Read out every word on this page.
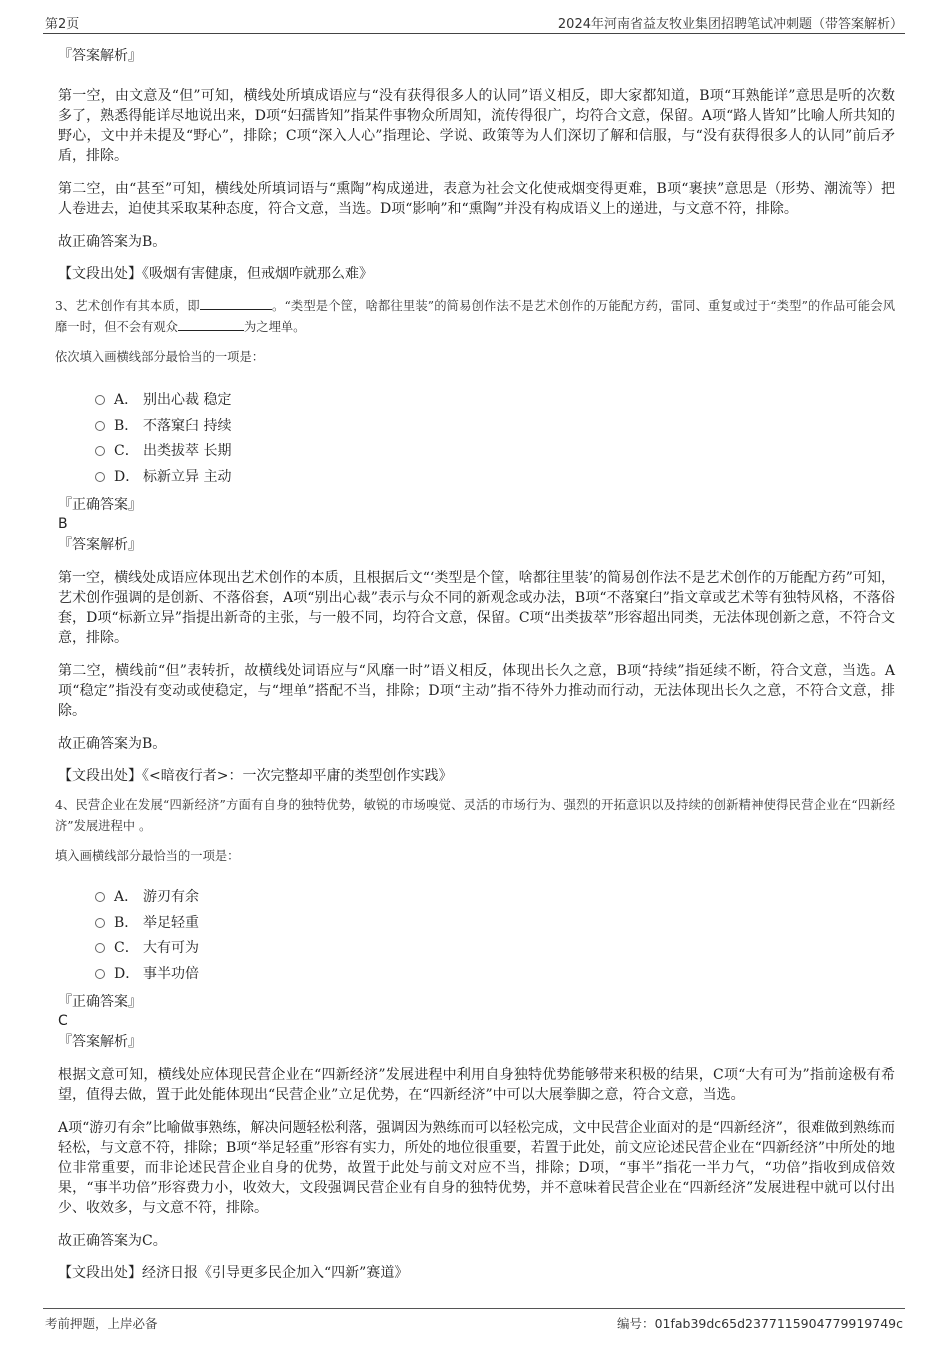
第2页	2024年河南省益友牧业集团招聘笔试冲刺题（带答案解析）
『答案解析』
第一空，由文意及“但”可知，横线处所填成语应与“没有获得很多人的认同”语义相反，即大家都知道，B项“耳熟能详”意思是听的次数多了，熟悉得能详尽地说出来，D项“妇孺皆知”指某件事物众所周知，流传得很广，均符合文意，保留。A项“路人皆知”比喻人所共知的野心，文中并未提及“野心”，排除；C项“深入人心”指理论、学说、政策等为人们深切了解和信服，与“没有获得很多人的认同”前后矛盾，排除。
第二空，由“甚至”可知，横线处所填词语与“熏陶”构成递进，表意为社会文化使戒烟变得更难，B项“裹挟”意思是（形势、潮流等）把人卷进去，迫使其采取某种态度，符合文意，当选。D项“影响”和“熏陶”并没有构成语义上的递进，与文意不符，排除。
故正确答案为B。
【文段出处】《吸烟有害健康，但戒烟咋就那么难》
3、艺术创作有其本质，即	。“类型是个筐，啥都往里装”的简易创作法不是艺术创作的万能配方药，雷同、重复或过于“类型”的作品可能会风靡一时，但不会有观众	为之埋单。
依次填入画横线部分最恰当的一项是：
A． 别出心裁 稳定
B． 不落窠臼 持续
C． 出类拔萃 长期
D． 标新立异 主动
『正确答案』
B
『答案解析』
第一空，横线处成语应体现出艺术创作的本质，且根据后文“‘类型是个筐，啥都往里装’的简易创作法不是艺术创作的万能配方药”可知，艺术创作强调的是创新、不落俗套，A项“别出心裁”表示与众不同的新观念或办法，B项“不落窠臼”指文章或艺术等有独特风格，不落俗套，D项“标新立异”指提出新奇的主张，与一般不同，均符合文意，保留。C项“出类拔萃”形容超出同类，无法体现创新之意，不符合文意，排除。
第二空，横线前“但”表转折，故横线处词语应与“风靡一时”语义相反，体现出长久之意，B项“持续”指延续不断，符合文意，当选。A项“稳定”指没有变动或使稳定，与“埋单”搭配不当，排除；D项“主动”指不待外力推动而行动，无法体现出长久之意，不符合文意，排除。
故正确答案为B。
【文段出处】《<暗夜行者>：一次完整却平庸的类型创作实践》
4、民营企业在发展“四新经济”方面有自身的独特优势，敏锐的市场嗅觉、灵活的市场行为、强烈的开拓意识以及持续的创新精神使得民营企业在“四新经济”发展进程中 。
填入画横线部分最恰当的一项是：
A． 游刃有余
B． 举足轻重
C． 大有可为
D． 事半功倍
『正确答案』
C
『答案解析』
根据文意可知，横线处应体现民营企业在“四新经济”发展进程中利用自身独特优势能够带来积极的结果，C项“大有可为”指前途极有希望，值得去做，置于此处能体现出“民营企业”立足优势，在“四新经济”中可以大展拳脚之意，符合文意，当选。
A项“游刃有余”比喻做事熟练，解决问题轻松利落，强调因为熟练而可以轻松完成，文中民营企业面对的是“四新经济”，很难做到熟练而轻松，与文意不符，排除；B项“举足轻重”形容有实力，所处的地位很重要，若置于此处，前文应论述民营企业在“四新经济”中所处的地位非常重要，而非论述民营企业自身的优势，故置于此处与前文对应不当，排除；D项，“事半”指花一半力气，“功倍”指收到成倍效果，“事半功倍”形容费力小，收效大，文段强调民营企业有自身的独特优势，并不意味着民营企业在“四新经济”发展进程中就可以付出少、收效多，与文意不符，排除。
故正确答案为C。
【文段出处】经济日报《引导更多民企加入“四新”赛道》
考前押题，上岸必备	编号：01fab39dc65d2377115904779919749c
